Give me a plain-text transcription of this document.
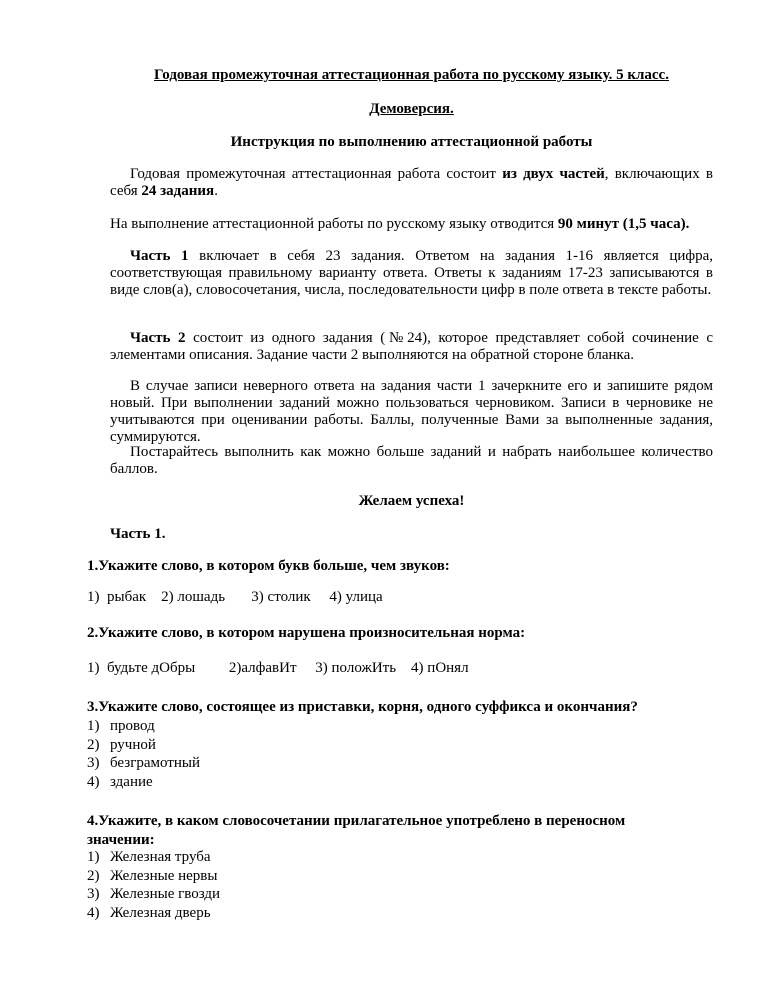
Годовая промежуточная аттестационная работа по русскому языку. 5 класс.
Демоверсия.
Инструкция по выполнению аттестационной работы
Годовая промежуточная аттестационная работа состоит из двух частей, включающих в себя 24 задания.
На выполнение аттестационной работы по русскому языку отводится 90 минут (1,5 часа).
Часть 1 включает в себя 23 задания. Ответом на задания 1-16 является цифра, соответствующая правильному варианту ответа. Ответы к заданиям 17-23 записываются в виде слов(а), словосочетания, числа, последовательности цифр в поле ответа в тексте работы.
Часть 2 состоит из одного задания (№24), которое представляет собой сочинение с элементами описания. Задание части 2 выполняются на обратной стороне бланка.
В случае записи неверного ответа на задания части 1 зачеркните его и запишите рядом новый. При выполнении заданий можно пользоваться черновиком. Записи в черновике не учитываются при оценивании работы. Баллы, полученные Вами за выполненные задания, суммируются.
Постарайтесь выполнить как можно больше заданий и набрать наибольшее количество баллов.
Желаем успеха!
Часть 1.
1.Укажите слово, в котором букв больше, чем звуков:
1)  рыбак    2) лошадь       3) столик     4) улица
2.Укажите слово, в котором нарушена произносительная норма:
1)  будьте дОбры         2)алфавИт     3) положИть    4) пОнял
3.Укажите слово, состоящее из приставки, корня, одного суффикса и окончания?
1) провод
2) ручной
3) безграмотный
4) здание
4.Укажите, в каком словосочетании прилагательное употреблено в переносном значении:
1) Железная труба
2) Железные нервы
3) Железные гвозди
4) Железная дверь
